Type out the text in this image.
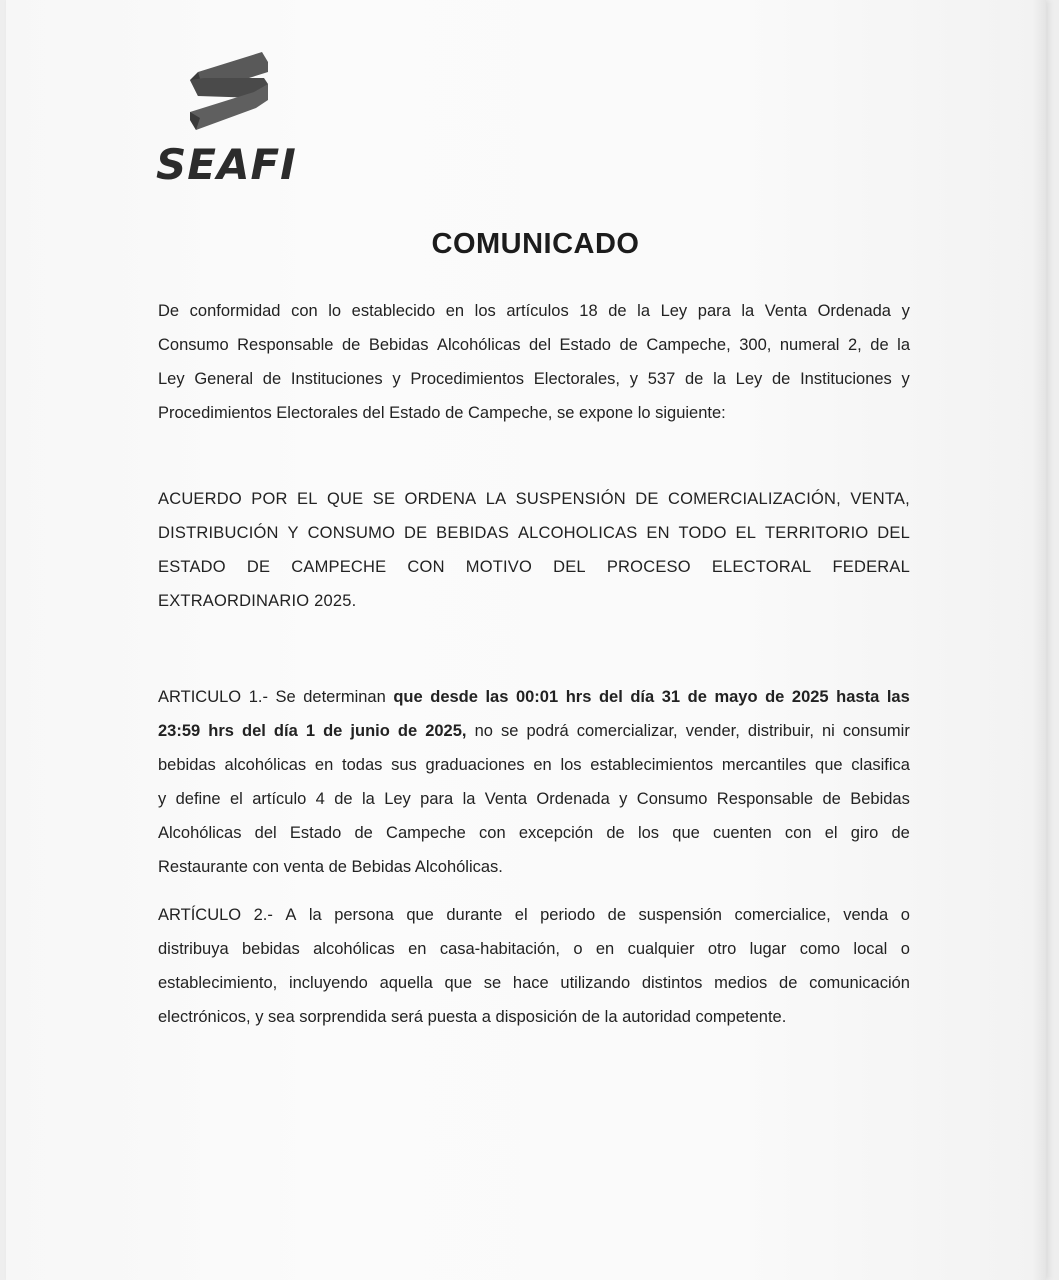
SEAFI
COMUNICADO
De conformidad con lo establecido en los artículos 18 de la Ley para la Venta Ordenada y
Consumo Responsable de Bebidas Alcohólicas del Estado de Campeche, 300, numeral 2, de la
Ley General de Instituciones y Procedimientos Electorales, y 537 de la Ley de Instituciones y
Procedimientos Electorales del Estado de Campeche, se expone lo siguiente:
ACUERDO POR EL QUE SE ORDENA LA SUSPENSIÓN DE COMERCIALIZACIÓN, VENTA,
DISTRIBUCIÓN Y CONSUMO DE BEBIDAS ALCOHOLICAS EN TODO EL TERRITORIO DEL
ESTADO DE CAMPECHE CON MOTIVO DEL PROCESO ELECTORAL FEDERAL
EXTRAORDINARIO 2025.
ARTICULO 1.- Se determinan que desde las 00:01 hrs del día 31 de mayo de 2025 hasta las
23:59 hrs del día 1 de junio de 2025, no se podrá comercializar, vender, distribuir, ni consumir
bebidas alcohólicas en todas sus graduaciones en los establecimientos mercantiles que clasifica
y define el artículo 4 de la Ley para la Venta Ordenada y Consumo Responsable de Bebidas
Alcohólicas del Estado de Campeche con excepción de los que cuenten con el giro de
Restaurante con venta de Bebidas Alcohólicas.
ARTÍCULO 2.- A la persona que durante el periodo de suspensión comercialice, venda o
distribuya bebidas alcohólicas en casa-habitación, o en cualquier otro lugar como local o
establecimiento, incluyendo aquella que se hace utilizando distintos medios de comunicación
electrónicos, y sea sorprendida será puesta a disposición de la autoridad competente.
